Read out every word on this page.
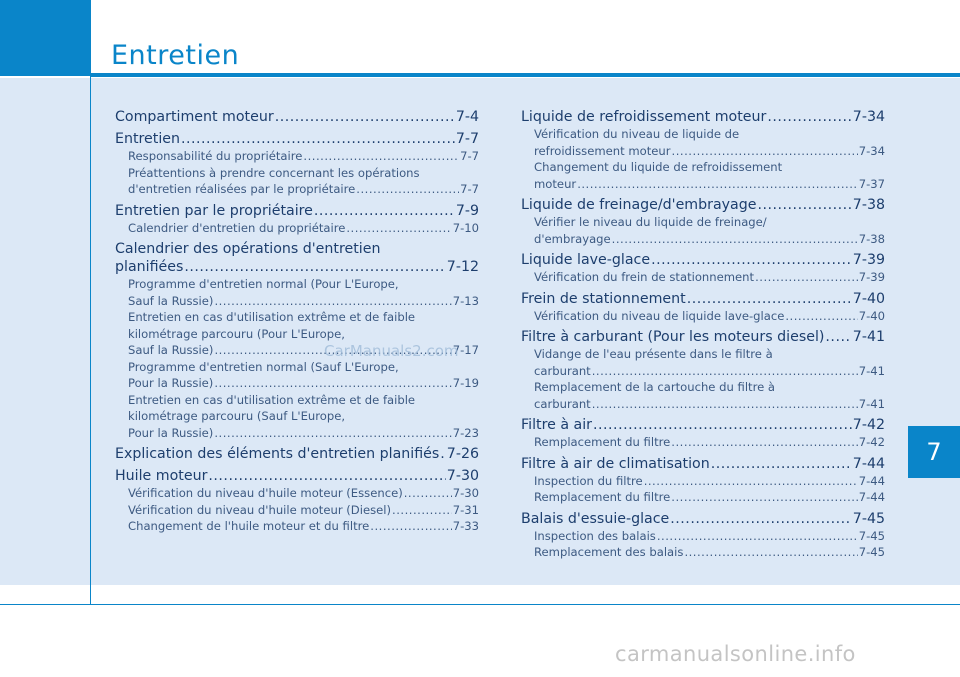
Entretien
7
Compartiment moteur .....	7-4
Entretien .....	7-7
Responsabilité du propriétaire .....	7-7
Préattentions à prendre concernant les opérations
d'entretien réalisées par le propriétaire .....	7-7
Entretien par le propriétaire .....	7-9
Calendrier d'entretien du propriétaire .....	7-10
Calendrier des opérations d'entretien
planifiées .....	7-12
Programme d'entretien normal (Pour L'Europe,
Sauf la Russie) .....	7-13
Entretien en cas d'utilisation extrême et de faible
kilométrage parcouru (Pour L'Europe,
Sauf la Russie) .....	7-17
Programme d'entretien normal (Sauf L'Europe,
Pour la Russie) .....	7-19
Entretien en cas d'utilisation extrême et de faible
kilométrage parcouru (Sauf L'Europe,
Pour la Russie) .....	7-23
Explication des éléments d'entretien planifiés ..... 7-26
Huile moteur .....	7-30
Vérification du niveau d'huile moteur (Essence) .....	7-30
Vérification du niveau d'huile moteur (Diesel) .....	7-31
Changement de l'huile moteur et du filtre .....	7-33
Liquide de refroidissement moteur .....	7-34
Vérification du niveau de liquide de
refroidissement moteur .....	7-34
Changement du liquide de refroidissement
moteur .....	7-37
Liquide de freinage/d'embrayage .....	7-38
Vérifier le niveau du liquide de freinage/
d'embrayage .....	7-38
Liquide lave-glace .....	7-39
Vérification du frein de stationnement .....	7-39
Frein de stationnement .....	7-40
Vérification du niveau de liquide lave-glace .....	7-40
Filtre à carburant (Pour les moteurs diesel) ..... 7-41
Vidange de l'eau présente dans le filtre à
carburant .....	7-41
Remplacement de la cartouche du filtre à
carburant .....	7-41
Filtre à air .....	7-42
Remplacement du filtre .....	7-42
Filtre à air de climatisation .....	7-44
Inspection du filtre .....	7-44
Remplacement du filtre .....	7-44
Balais d'essuie-glace .....	7-45
Inspection des balais .....	7-45
Remplacement des balais .....	7-45
CarManuals2.com
carmanualsonline.info
